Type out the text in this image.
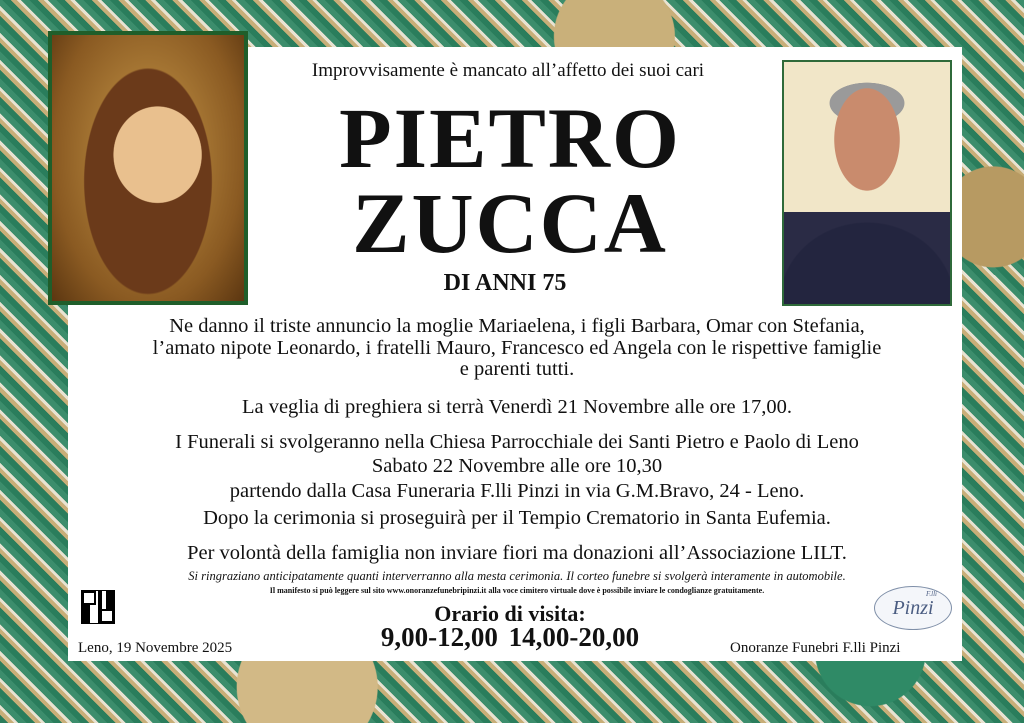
Improvvisamente è mancato all’affetto dei suoi cari
PIETRO
ZUCCA
DI ANNI 75
Ne danno il triste annuncio la moglie Mariaelena, i figli Barbara, Omar con Stefania,
l’amato nipote Leonardo, i fratelli Mauro, Francesco ed Angela con le rispettive famiglie
e parenti tutti.
La veglia di preghiera si terrà Venerdì 21 Novembre alle ore 17,00.
I Funerali si svolgeranno nella Chiesa Parrocchiale dei Santi Pietro e Paolo di Leno
Sabato 22 Novembre alle ore 10,30
partendo dalla Casa Funeraria F.lli Pinzi in via G.M.Bravo, 24 - Leno.
Dopo la cerimonia si proseguirà per il Tempio Crematorio in Santa Eufemia.
Per volontà della famiglia non inviare fiori ma donazioni all’Associazione LILT.
Si ringraziano anticipatamente quanti interverranno alla mesta cerimonia. Il corteo funebre si svolgerà interamente in automobile.
Il manifesto si può leggere sul sito www.onoranzefunebripinzi.it alla voce cimitero virtuale dove è possibile inviare le condoglianze gratuitamente.
Orario di visita:
9,00-12,00 14,00-20,00
Leno, 19 Novembre 2025	Onoranze Funebri F.lli Pinzi
F.lli
Pinzi
